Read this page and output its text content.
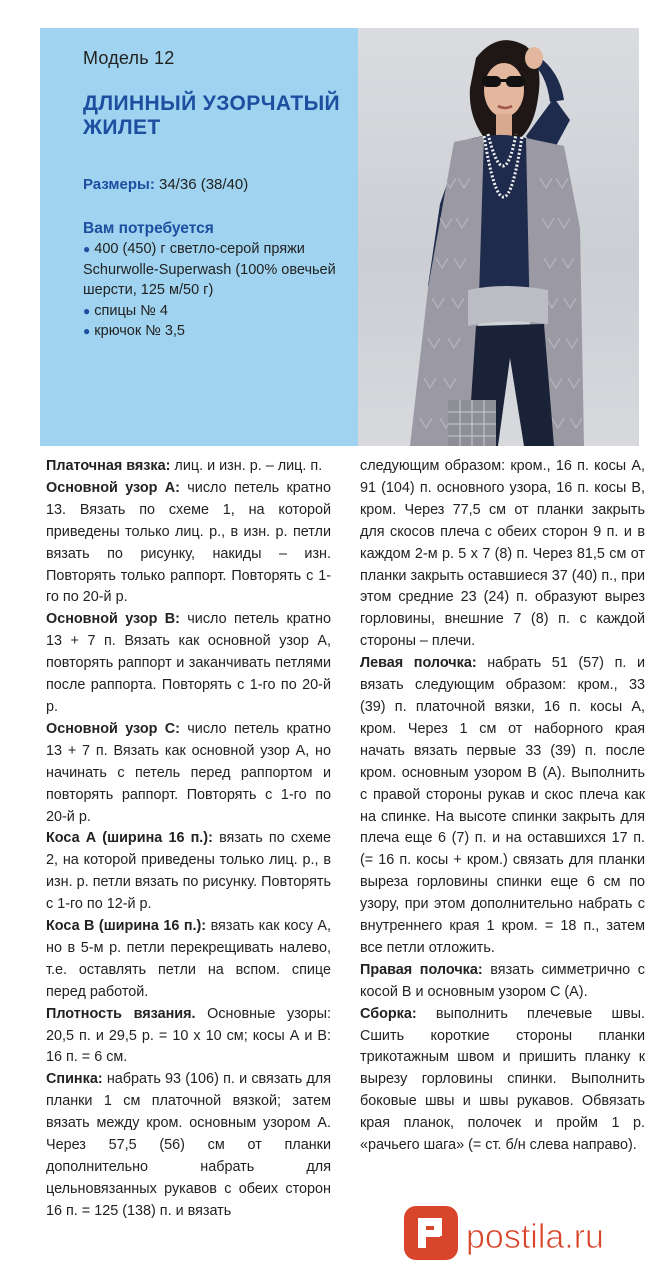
Модель 12
ДЛИННЫЙ УЗОРЧАТЫЙ ЖИЛЕТ
Размеры: 34/36 (38/40)
Вам потребуется
● 400 (450) г светло-серой пряжи Schurwolle-Superwash (100% овечьей шерсти, 125 м/50 г)
● спицы № 4
● крючок № 3,5

Платочная вязка: лиц. и изн. р. – лиц. п.

Основной узор А: число петель кратно 13. Вязать по схеме 1, на которой приведены только лиц. р., в изн. р. петли вязать по рисунку, накиды – изн. Повторять только раппорт. Повторять с 1-го по 20-й р.

Основной узор В: число петель кратно 13 + 7 п. Вязать как основной узор А, повторять раппорт и заканчивать петлями после раппорта. Повторять с 1-го по 20-й р.

Основной узор С: число петель кратно 13 + 7 п. Вязать как основной узор А, но начинать с петель перед раппортом и повторять раппорт. Повторять с 1-го по 20-й р.

Коса А (ширина 16 п.): вязать по схеме 2, на которой приведены только лиц. р., в изн. р. петли вязать по рисунку. Повторять с 1-го по 12-й р.

Коса В (ширина 16 п.): вязать как косу А, но в 5-м р. петли перекрещивать налево, т.е. оставлять петли на вспом. спице перед работой.

Плотность вязания. Основные узоры: 20,5 п. и 29,5 р. = 10 х 10 см; косы А и В: 16 п. = 6 см.

Спинка: набрать 93 (106) п. и связать для планки 1 см платочной вязкой; затем вязать между кром. основным узором А. Через 57,5 (56) см от планки дополнительно набрать для цельновязанных рукавов с обеих сторон 16 п. = 125 (138) п. и вязать

следующим образом: кром., 16 п. косы А, 91 (104) п. основного узора, 16 п. косы В, кром. Через 77,5 см от планки закрыть для скосов плеча с обеих сторон 9 п. и в каждом 2-м р. 5 х 7 (8) п. Через 81,5 см от планки закрыть оставшиеся 37 (40) п., при этом средние 23 (24) п. образуют вырез горловины, внешние 7 (8) п. с каждой стороны – плечи.

Левая полочка: набрать 51 (57) п. и вязать следующим образом: кром., 33 (39) п. платочной вязки, 16 п. косы А, кром. Через 1 см от наборного края начать вязать первые 33 (39) п. после кром. основным узором В (А). Выполнить с правой стороны рукав и скос плеча как на спинке. На высоте спинки закрыть для плеча еще 6 (7) п. и на оставшихся 17 п. (= 16 п. косы + кром.) связать для планки выреза горловины спинки еще 6 см по узору, при этом дополнительно набрать с внутреннего края 1 кром. = 18 п., затем все петли отложить.

Правая полочка: вязать симметрично с косой В и основным узором С (А).

Сборка: выполнить плечевые швы. Сшить короткие стороны планки трикотажным швом и пришить планку к вырезу горловины спинки. Выполнить боковые швы и швы рукавов. Обвязать края планок, полочек и пройм 1 р. «рачьего шага» (= ст. б/н слева направо).

postila.ru
